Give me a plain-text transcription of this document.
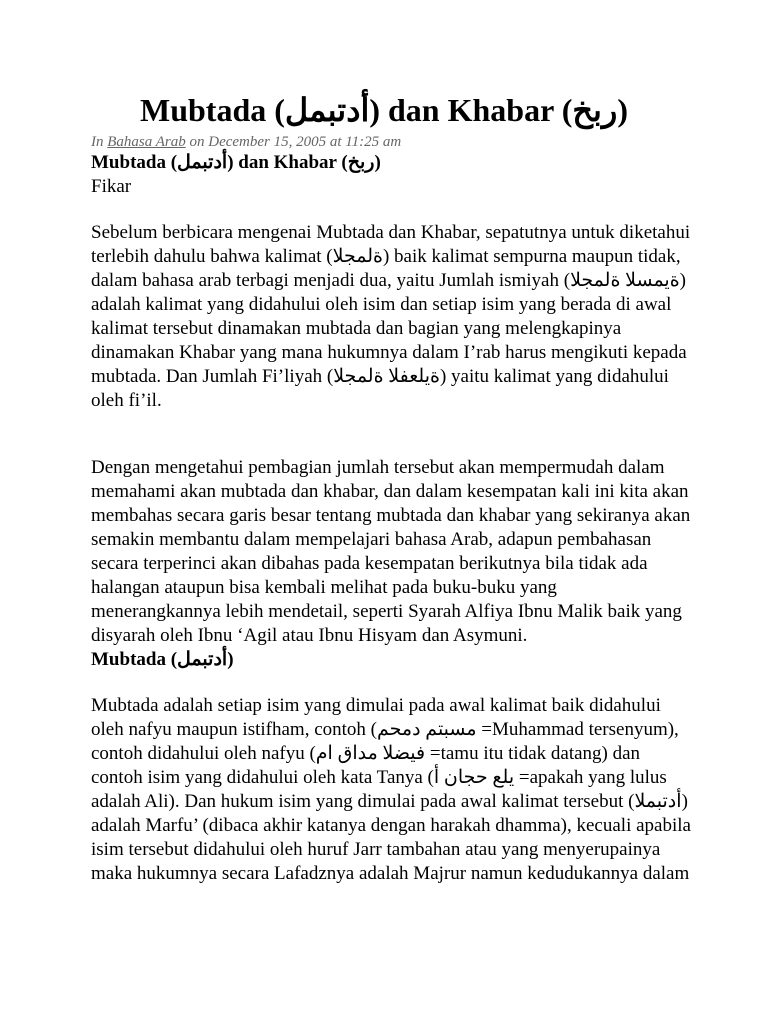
Mubtada (أدتبمل) dan Khabar (ربخ)
In Bahasa Arab on December 15, 2005 at 11:25 am

Mubtada (أدتبمل) dan Khabar (ربخ)

Fikar

Sebelum berbicara mengenai Mubtada dan Khabar, sepatutnya untuk diketahui terlebih dahulu bahwa kalimat (ةلمجلا) baik kalimat sempurna maupun tidak, dalam bahasa arab terbagi menjadi dua, yaitu Jumlah ismiyah (ةيمسلا ةلمجلا) adalah kalimat yang didahului oleh isim dan setiap isim yang berada di awal kalimat tersebut dinamakan mubtada dan bagian yang melengkapinya dinamakan Khabar yang mana hukumnya dalam I’rab harus mengikuti kepada mubtada. Dan Jumlah Fi’liyah (ةيلعفلا ةلمجلا) yaitu kalimat yang didahului oleh fi’il.

Dengan mengetahui pembagian jumlah tersebut akan mempermudah dalam memahami akan mubtada dan khabar, dan dalam kesempatan kali ini kita akan membahas secara garis besar tentang mubtada dan khabar yang sekiranya akan semakin membantu dalam mempelajari bahasa Arab, adapun pembahasan secara terperinci akan dibahas pada kesempatan berikutnya bila tidak ada halangan ataupun bisa kembali melihat pada buku-buku yang menerangkannya lebih mendetail, seperti Syarah Alfiya Ibnu Malik baik yang disyarah oleh Ibnu ‘Agil atau Ibnu Hisyam dan Asymuni.

Mubtada (أدتبمل)

Mubtada adalah setiap isim yang dimulai pada awal kalimat baik didahului oleh nafyu maupun istifham, contoh (مسبتم دمحم =Muhammad tersenyum), contoh didahului oleh nafyu (فيضلا مداق ام =tamu itu tidak datang) dan contoh isim yang didahului oleh kata Tanya (يلع حجان أ =apakah yang lulus adalah Ali). Dan hukum isim yang dimulai pada awal kalimat tersebut (أدتبملا) adalah Marfu’ (dibaca akhir katanya dengan harakah dhamma), kecuali apabila isim tersebut didahului oleh huruf Jarr tambahan atau yang menyerupainya maka hukumnya secara Lafadznya adalah Majrur namun kedudukannya dalam
